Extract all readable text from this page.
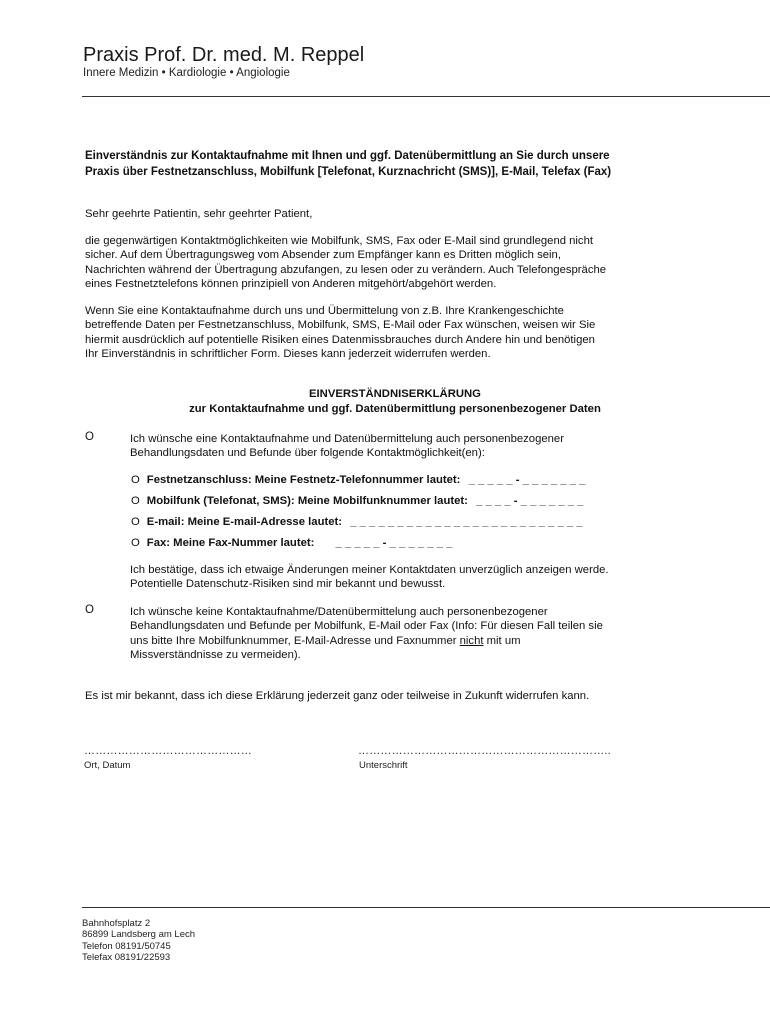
Praxis Prof. Dr. med. M. Reppel
Innere Medizin • Kardiologie • Angiologie
Einverständnis zur Kontaktaufnahme mit Ihnen und ggf. Datenübermittlung an Sie durch unsere
Praxis über Festnetzanschluss, Mobilfunk [Telefonat, Kurznachricht (SMS)], E-Mail, Telefax (Fax)
Sehr geehrte Patientin, sehr geehrter Patient,
die gegenwärtigen Kontaktmöglichkeiten wie Mobilfunk, SMS, Fax oder E-Mail sind grundlegend nicht
sicher. Auf dem Übertragungsweg vom Absender zum Empfänger kann es Dritten möglich sein,
Nachrichten während der Übertragung abzufangen, zu lesen oder zu verändern. Auch Telefongespräche
eines Festnetztelefons können prinzipiell von Anderen mitgehört/abgehört werden.
Wenn Sie eine Kontaktaufnahme durch uns und Übermittelung von z.B. Ihre Krankengeschichte
betreffende Daten per Festnetzanschluss, Mobilfunk, SMS, E-Mail oder Fax wünschen, weisen wir Sie
hiermit ausdrücklich auf potentielle Risiken eines Datenmissbrauches durch Andere hin und benötigen
Ihr Einverständnis in schriftlicher Form. Dieses kann jederzeit widerrufen werden.
EINVERSTÄNDNISERKLÄRUNG
zur Kontaktaufnahme und ggf. Datenübermittlung personenbezogener Daten
O	Ich wünsche eine Kontaktaufnahme und Datenübermittelung auch personenbezogener
Behandlungsdaten und Befunde über folgende Kontaktmöglichkeit(en):
O Festnetzanschluss: Meine Festnetz-Telefonnummer lautet: _ _ _ _ _ - _ _ _ _ _ _ _
O Mobilfunk (Telefonat, SMS): Meine Mobilfunknummer lautet: _ _ _ _ - _ _ _ _ _ _ _
O E-mail: Meine E-mail-Adresse lautet: _ _ _ _ _ _ _ _ _ _ _ _ _ _ _ _ _ _ _ _ _ _ _ _ _
O Fax: Meine Fax-Nummer lautet: _ _ _ _ _ - _ _ _ _ _ _ _
Ich bestätige, dass ich etwaige Änderungen meiner Kontaktdaten unverzüglich anzeigen werde.
Potentielle Datenschutz-Risiken sind mir bekannt und bewusst.
O	Ich wünsche keine Kontaktaufnahme/Datenübermittelung auch personenbezogener
Behandlungsdaten und Befunde per Mobilfunk, E-Mail oder Fax (Info: Für diesen Fall teilen sie
uns bitte Ihre Mobilfunknummer, E-Mail-Adresse und Faxnummer nicht mit um
Missverständnisse zu vermeiden).
Es ist mir bekannt, dass ich diese Erklärung jederzeit ganz oder teilweise in Zukunft widerrufen kann.
………………………………………
Ort, Datum
…………………………………………………………..
Unterschrift
Bahnhofsplatz 2
86899 Landsberg am Lech
Telefon 08191/50745
Telefax 08191/22593
